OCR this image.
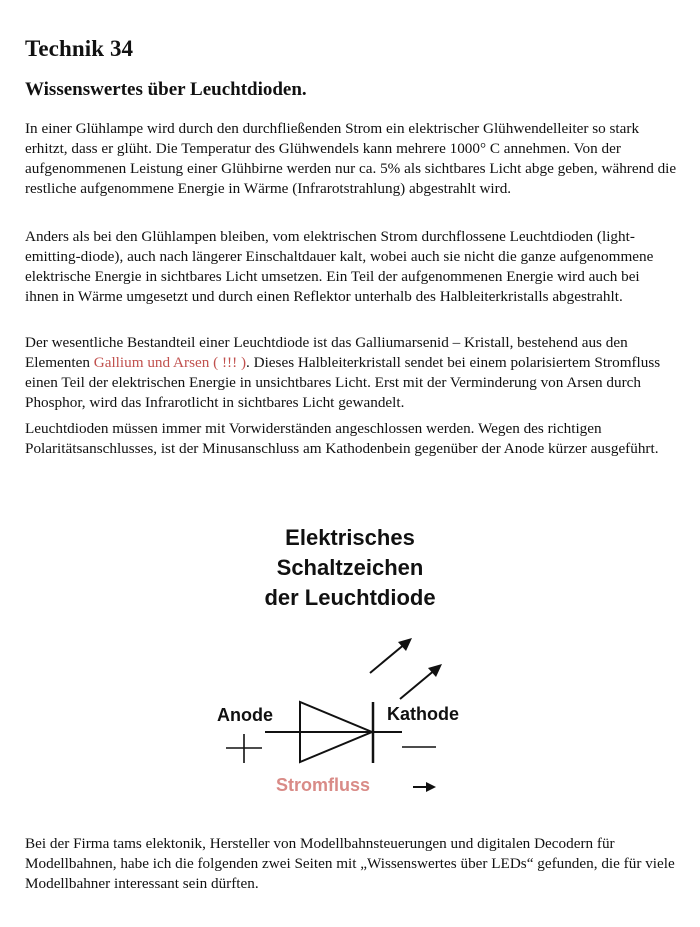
Technik 34
Wissenswertes über Leuchtdioden.

In einer Glühlampe wird durch den durchfließenden Strom ein elektrischer Glühwendelleiter so stark erhitzt, dass er glüht. Die Temperatur des Glühwendels kann mehrere 1000° C annehmen. Von der aufgenommenen Leistung einer Glühbirne werden nur ca. 5% als sichtbares Licht abge geben, während die restliche aufgenommene Energie in Wärme (Infrarotstrahlung) abgestrahlt wird.

Anders als bei den Glühlampen bleiben, vom elektrischen Strom durchflossene Leuchtdioden (light-emitting-diode), auch nach längerer Einschaltdauer kalt, wobei auch sie nicht die ganze aufgenommene elektrische Energie in sichtbares Licht umsetzen. Ein Teil der aufgenommenen Energie wird auch bei ihnen in Wärme umgesetzt und durch einen Reflektor unterhalb des Halbleiterkristalls abgestrahlt.

Der wesentliche Bestandteil einer Leuchtdiode ist das Galliumarsenid – Kristall, bestehend aus den Elementen Gallium und Arsen ( !!! ). Dieses Halbleiterkristall sendet bei einem polarisiertem Stromfluss einen Teil der elektrischen Energie in unsichtbares Licht. Erst mit der Verminderung von Arsen durch Phosphor, wird das Infrarotlicht in sichtbares Licht gewandelt.

Leuchtdioden müssen immer mit Vorwiderständen angeschlossen werden. Wegen des richtigen Polaritätsanschlusses, ist der Minusanschluss am Kathodenbein gegenüber der Anode kürzer ausgeführt.

Elektrisches
Schaltzeichen
der Leuchtdiode
Anode	Kathode
Stromfluss

Bei der Firma tams elektonik, Hersteller von Modellbahnsteuerungen und digitalen Decodern für Modellbahnen, habe ich die folgenden zwei Seiten mit „Wissenswertes über LEDs“ gefunden, die für viele Modellbahner interessant sein dürften.
